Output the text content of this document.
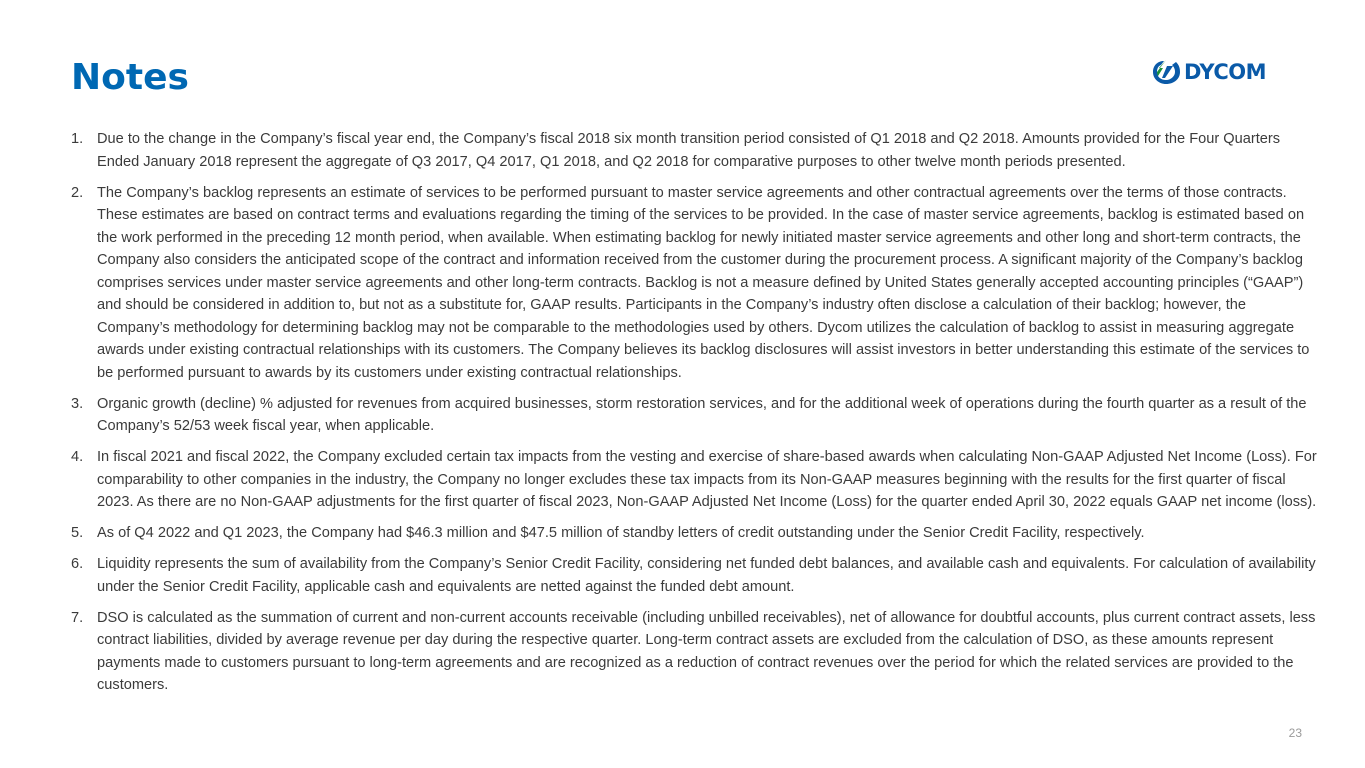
Notes	DYCOM
1. Due to the change in the Company’s fiscal year end, the Company’s fiscal 2018 six month transition period consisted of Q1 2018 and Q2 2018. Amounts provided for the Four Quarters Ended January 2018 represent the aggregate of Q3 2017, Q4 2017, Q1 2018, and Q2 2018 for comparative purposes to other twelve month periods presented.
2. The Company’s backlog represents an estimate of services to be performed pursuant to master service agreements and other contractual agreements over the terms of those contracts. These estimates are based on contract terms and evaluations regarding the timing of the services to be provided. In the case of master service agreements, backlog is estimated based on the work performed in the preceding 12 month period, when available. When estimating backlog for newly initiated master service agreements and other long and short-term contracts, the Company also considers the anticipated scope of the contract and information received from the customer during the procurement process. A significant majority of the Company’s backlog comprises services under master service agreements and other long-term contracts. Backlog is not a measure defined by United States generally accepted accounting principles (“GAAP”) and should be considered in addition to, but not as a substitute for, GAAP results. Participants in the Company’s industry often disclose a calculation of their backlog; however, the Company’s methodology for determining backlog may not be comparable to the methodologies used by others. Dycom utilizes the calculation of backlog to assist in measuring aggregate awards under existing contractual relationships with its customers. The Company believes its backlog disclosures will assist investors in better understanding this estimate of the services to be performed pursuant to awards by its customers under existing contractual relationships.
3. Organic growth (decline) % adjusted for revenues from acquired businesses, storm restoration services, and for the additional week of operations during the fourth quarter as a result of the Company’s 52/53 week fiscal year, when applicable.
4. In fiscal 2021 and fiscal 2022, the Company excluded certain tax impacts from the vesting and exercise of share-based awards when calculating Non-GAAP Adjusted Net Income (Loss). For comparability to other companies in the industry, the Company no longer excludes these tax impacts from its Non-GAAP measures beginning with the results for the first quarter of fiscal 2023. As there are no Non-GAAP adjustments for the first quarter of fiscal 2023, Non-GAAP Adjusted Net Income (Loss) for the quarter ended April 30, 2022 equals GAAP net income (loss).
5. As of Q4 2022 and Q1 2023, the Company had $46.3 million and $47.5 million of standby letters of credit outstanding under the Senior Credit Facility, respectively.
6. Liquidity represents the sum of availability from the Company’s Senior Credit Facility, considering net funded debt balances, and available cash and equivalents. For calculation of availability under the Senior Credit Facility, applicable cash and equivalents are netted against the funded debt amount.
7. DSO is calculated as the summation of current and non-current accounts receivable (including unbilled receivables), net of allowance for doubtful accounts, plus current contract assets, less contract liabilities, divided by average revenue per day during the respective quarter. Long-term contract assets are excluded from the calculation of DSO, as these amounts represent payments made to customers pursuant to long-term agreements and are recognized as a reduction of contract revenues over the period for which the related services are provided to the customers.
23
